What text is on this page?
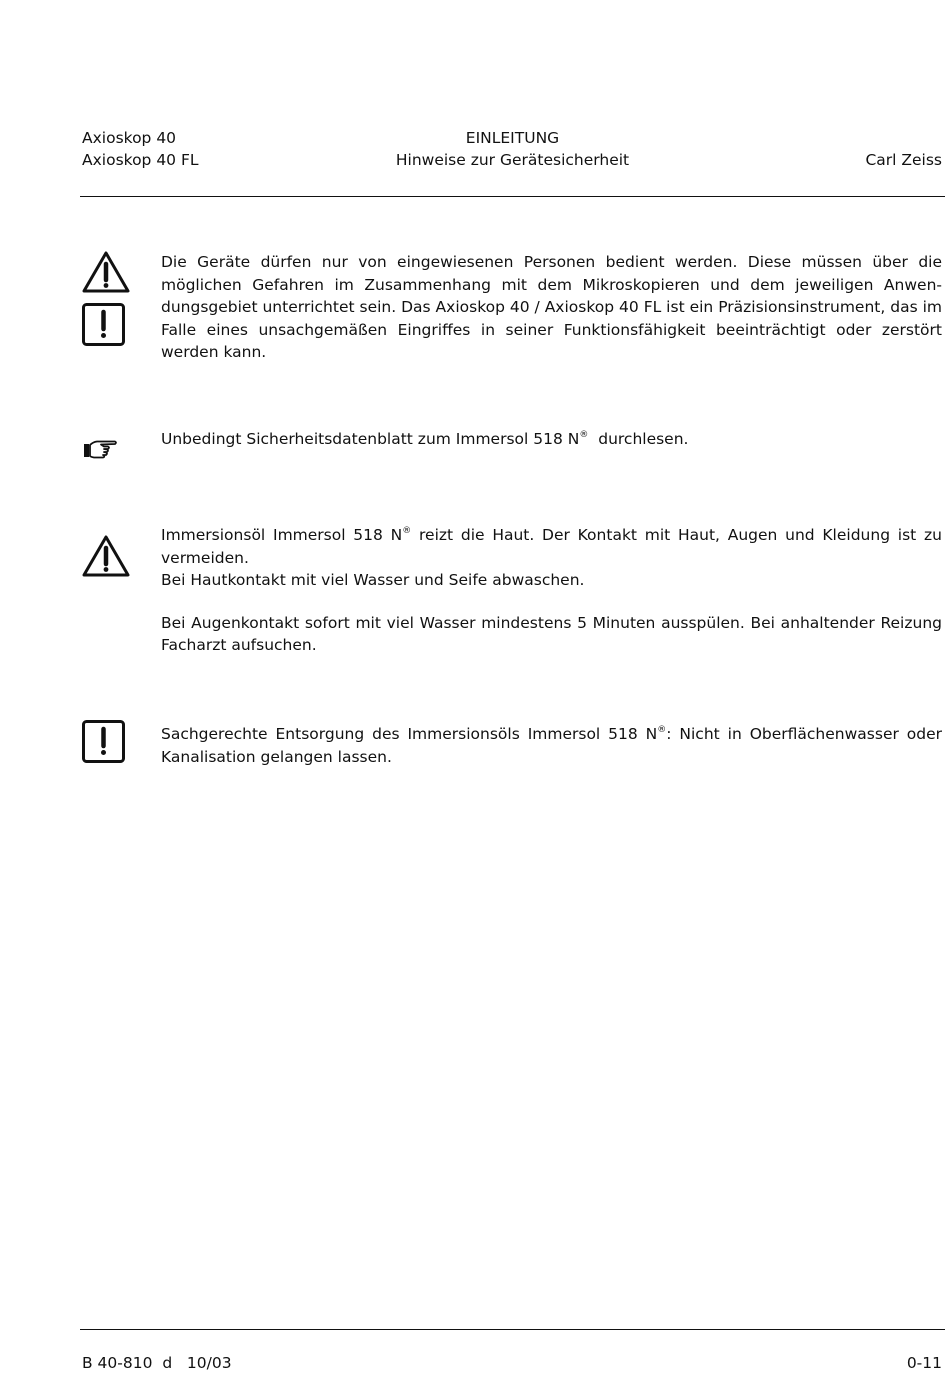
Axioskop 40
Axioskop 40 FL
EINLEITUNG
Hinweise zur Gerätesicherheit	Carl Zeiss

Die Geräte dürfen nur von eingewiesenen Personen bedient werden. Diese müssen über die möglichen Gefahren im Zusammenhang mit dem Mikroskopieren und dem jeweiligen Anwendungsgebiet unterrichtet sein. Das Axioskop 40 / Axioskop 40 FL ist ein Präzisionsinstrument, das im Falle eines unsachgemäßen Eingriffes in seiner Funktionsfähigkeit beeinträchtigt oder zerstört werden kann.

Unbedingt Sicherheitsdatenblatt zum Immersol 518 N®  durchlesen.

Immersionsöl Immersol 518 N® reizt die Haut. Der Kontakt mit Haut, Augen und Kleidung ist zu vermeiden.

Bei Hautkontakt mit viel Wasser und Seife abwaschen.

Bei Augenkontakt sofort mit viel Wasser mindestens 5 Minuten ausspülen. Bei anhaltender Reizung Facharzt aufsuchen.

Sachgerechte Entsorgung des Immersionsöls Immersol 518 N®: Nicht in Oberflächenwasser oder Kanalisation gelangen lassen.

B 40-810  d   10/03	0-11
